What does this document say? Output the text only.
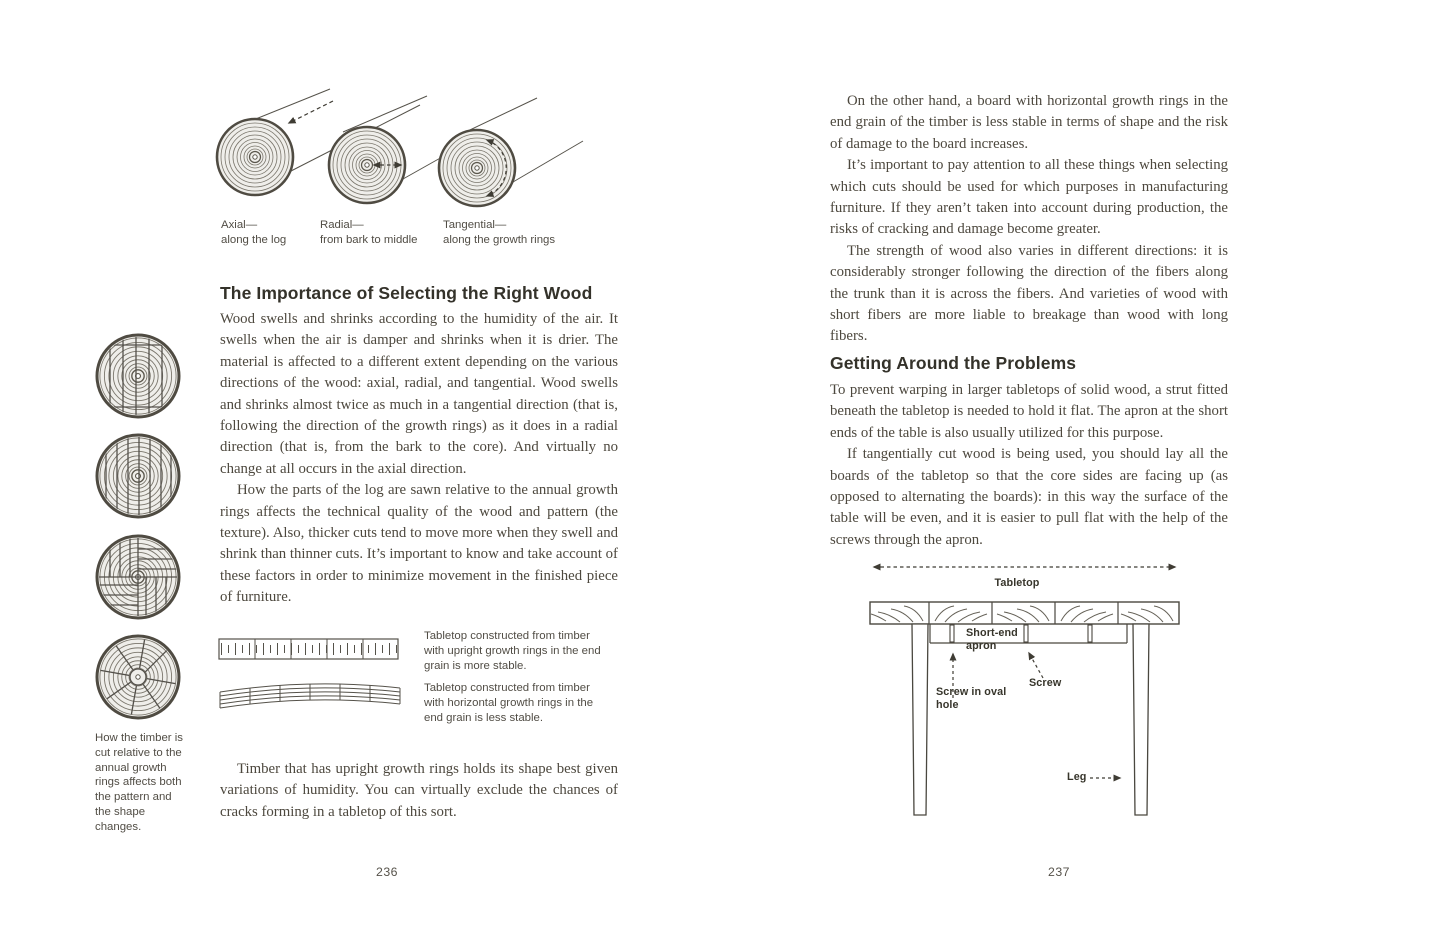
Axial—
along the log
Radial—
from bark to middle
Tangential—
along the growth rings
How the timber is cut relative to the annual growth rings affects both the pattern and the shape changes.
The Importance of Selecting the Right Wood

Wood swells and shrinks according to the humidity of the air. It swells when the air is damper and shrinks when it is drier. The material is affected to a different extent depending on the various directions of the wood: axial, radial, and tangential. Wood swells and shrinks almost twice as much in a tangential direction (that is, following the direction of the growth rings) as it does in a radial direction (that is, from the bark to the core). And virtually no change at all occurs in the axial direction.

How the parts of the log are sawn relative to the annual growth rings affects the technical quality of the wood and pattern (the texture). Also, thicker cuts tend to move more when they swell and shrink than thinner cuts. It’s important to know and take account of these factors in order to minimize movement in the finished piece of furniture.

Tabletop constructed from timber with upright growth rings in the end grain is more stable.
Tabletop constructed from timber with horizontal growth rings in the end grain is less stable.

Timber that has upright growth rings holds its shape best given variations of humidity. You can virtually exclude the chances of cracks forming in a tabletop of this sort.

236

On the other hand, a board with horizontal growth rings in the end grain of the timber is less stable in terms of shape and the risk of damage to the board increases.

It’s important to pay attention to all these things when selecting which cuts should be used for which purposes in manufacturing furniture. If they aren’t taken into account during production, the risks of cracking and damage become greater.

The strength of wood also varies in different directions: it is considerably stronger following the direction of the fibers along the trunk than it is across the fibers. And varieties of wood with short fibers are more liable to breakage than wood with long fibers.

Getting Around the Problems

To prevent warping in larger tabletops of solid wood, a strut fitted beneath the tabletop is needed to hold it flat. The apron at the short ends of the table is also usually utilized for this purpose.

If tangentially cut wood is being used, you should lay all the boards of the tabletop so that the core sides are facing up (as opposed to alternating the boards): in this way the surface of the table will be even, and it is easier to pull flat with the help of the screws through the apron.

Tabletop
Short-end apron
Screw in oval hole
Screw
Leg
237
